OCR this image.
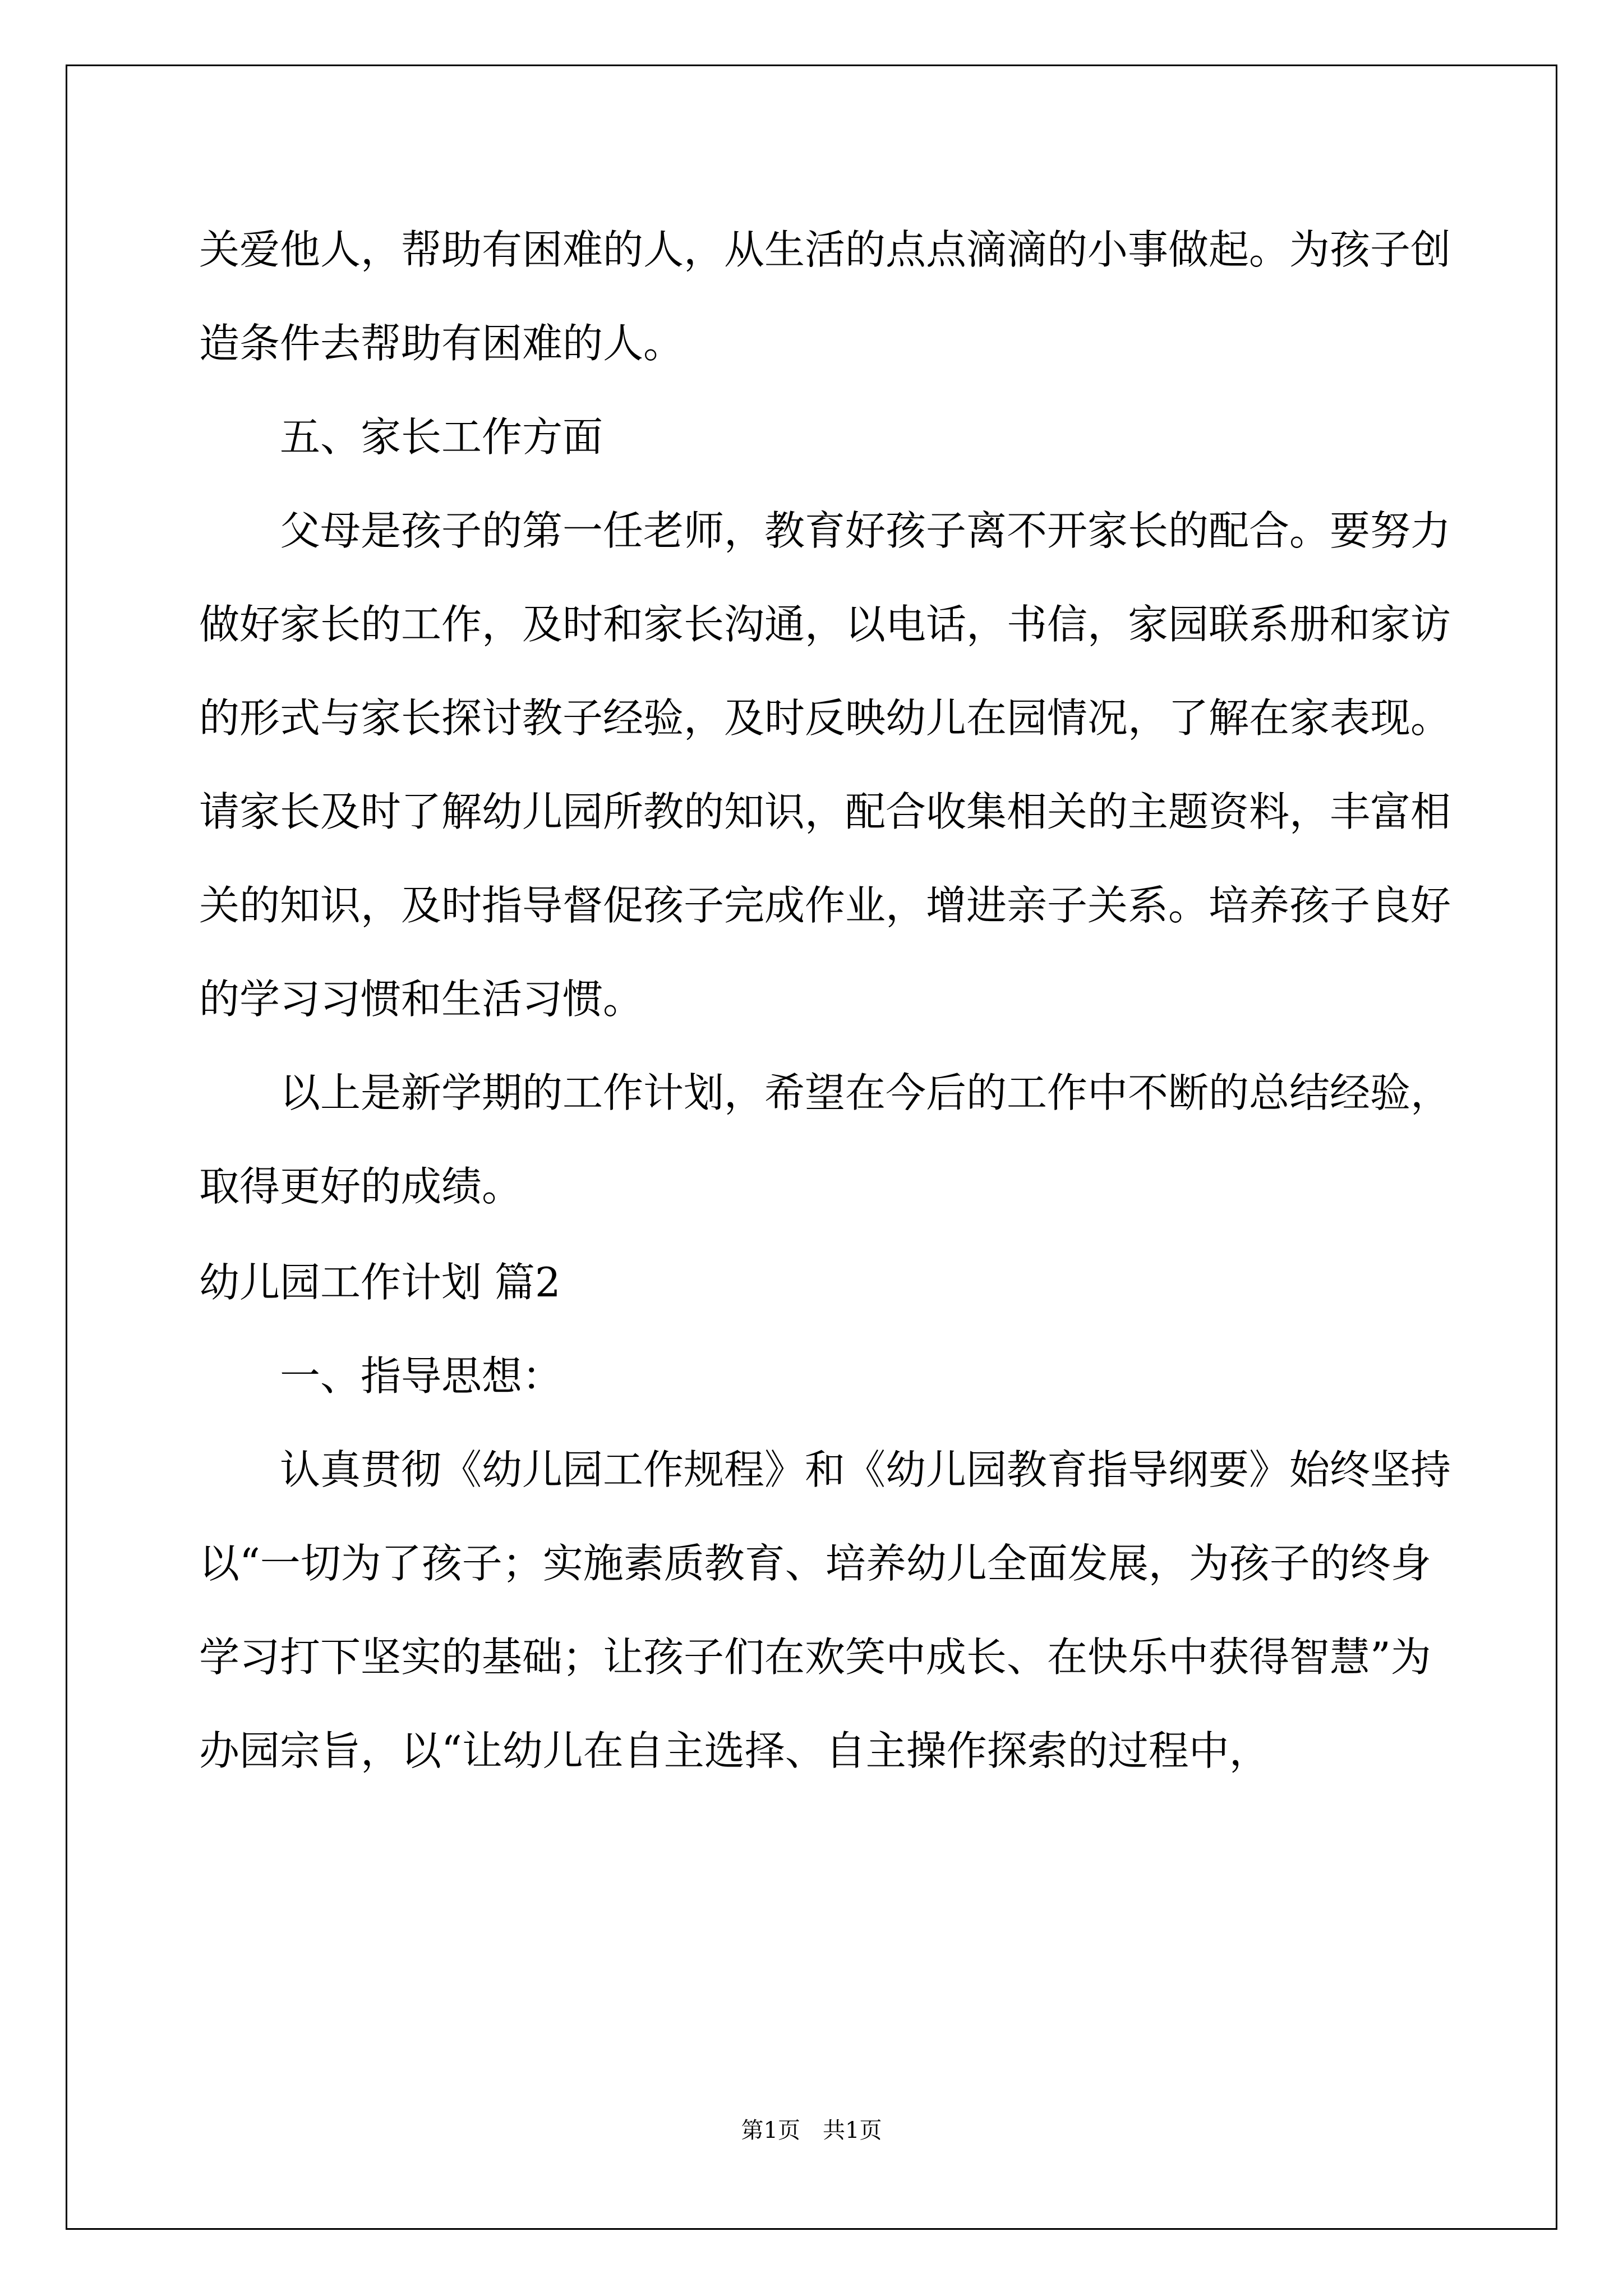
关爱他人，帮助有困难的人，从生活的点点滴滴的小事做起。为孩子创造条件去帮助有困难的人。

五、家长工作方面

父母是孩子的第一任老师，教育好孩子离不开家长的配合。要努力做好家长的工作，及时和家长沟通，以电话，书信，家园联系册和家访的形式与家长探讨教子经验，及时反映幼儿在园情况，了解在家表现。请家长及时了解幼儿园所教的知识，配合收集相关的主题资料，丰富相关的知识，及时指导督促孩子完成作业，增进亲子关系。培养孩子良好的学习习惯和生活习惯。

以上是新学期的工作计划，希望在今后的工作中不断的总结经验，取得更好的成绩。

幼儿园工作计划 篇2

一、指导思想：

认真贯彻《幼儿园工作规程》和《幼儿园教育指导纲要》始终坚持以“一切为了孩子；实施素质教育、培养幼儿全面发展，为孩子的终身学习打下坚实的基础；让孩子们在欢笑中成长、在快乐中获得智慧”为办园宗旨，以“让幼儿在自主选择、自主操作探索的过程中，

第1页　共1页
